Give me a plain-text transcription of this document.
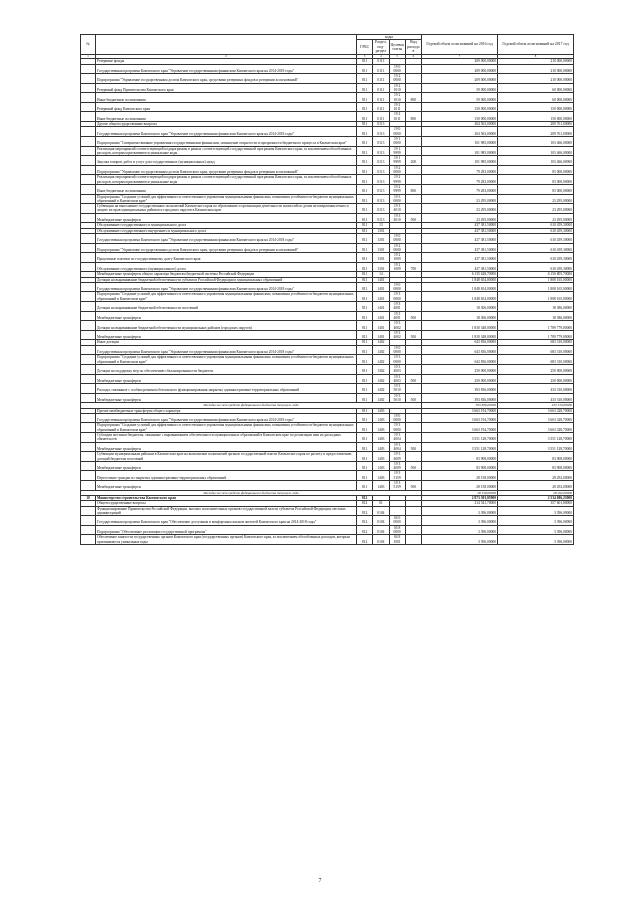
№		коды				Годовой объем ассигнований на 2016 год	Годовой объем ассигнований на 2017 год
		ГРБС	Раздел, под-раздел	Целевая статья	Вид расходов		
1	2	3	4	5	6	7	8
	Резервные фонды	811	0111			209 000,00000	210 000,00000
	Государственная программа Камчатского края "Управление государственными финансами Камчатского края на 2014-2018 годы"	811	0111	19 0 0000		209 000,00000	210 000,00000
	Подпрограмма "Управление государственным долгом Камчатского края, средствами резервных фондов и резервами ассигнований"	811	0111	19 2 0000		209 000,00000	210 000,00000
	Резервный фонд Правительства Камчатского края	811	0111	19 2 1010		59 000,00000	60 000,00000
	Иные бюджетные ассигнования	811	0111	19 2 1010	800	59 000,00000	60 000,00000
	Резервный фонд Камчатского края	811	0111	19 2 1011		150 000,00000	150 000,00000
	Иные бюджетные ассигнования	811	0111	19 2 1011	800	150 000,00000	150 000,00000
	Другие общегосударственные вопросы	811	0113			204 563,00000	209 761,00000
	Государственная программа Камчатского края "Управление государственными финансами Камчатского края на 2014-2018 годы"	811	0113	19 0 0000		204 563,00000	209 761,00000
	Подпрограмма "Совершенствование управления государственными финансами, повышение открытости и прозрачности бюджетного процесса в Камчатском крае"	811	0113	19 1 0000		101 985,00000	103 466,00000
	Реализация мероприятий соответствующей подпрограммы в рамках соответствующей государственной программы Камчатского края, за исключением обособленных расходов, которым присваиваются уникальные коды	811	0113	19 1 9999		101 985,00000	103 466,00000
	Закупка товаров, работ и услуг для государственных (муниципальных) нужд	811	0113	19 1 9999	200	101 985,00000	103 466,00000
	Подпрограмма "Управление государственным долгом Камчатского края, средствами резервных фондов и резервами ассигнований"	811	0113	19 2 0000		79 283,00000	83 000,00000
	Реализация мероприятий соответствующей подпрограммы в рамках соответствующей государственной программы Камчатского края, за исключением обособленных расходов, которым присваиваются уникальные коды	811	0113	19 2 9999		79 283,00000	83 000,00000
	Иные бюджетные ассигнования	811	0113	19 2 9999	800	79 283,00000	83 000,00000
	Подпрограмма "Создание условий для эффективного и ответственного управления муниципальными финансами, повышения устойчивости бюджетов муниципальных образований в Камчатском крае"	811	0113	19 3 0000		23 295,00000	23 295,00000
	Субвенции на выполнение государственных полномочий Камчатского края по образованию и организации деятельности комиссий по делам несовершеннолетних и защите их прав муниципальных районов и городских округов в Камчатском крае	811	0113	19 3 4010		23 295,00000	23 295,00000
	Межбюджетные трансферты	811	0113	19 3 4010	500	23 295,00000	23 295,00000
	Обслуживание государственного и муниципального долга	811	13			437 381,50000	610 459,30000
	Обслуживание государственного внутреннего и муниципального долга	811	1301			437 381,50000	610 459,30000
	Государственная программа Камчатского края "Управление государственными финансами Камчатского края на 2014-2018 годы"	811	1301	19 0 0000		437 381,50000	610 459,30000
	Подпрограмма "Управление государственным долгом Камчатского края, средствами резервных фондов и резервами ассигнований"	811	1301	19 2 0000		437 381,50000	610 459,30000
	Процентные платежи по государственному долгу Камчатского края	811	1301	19 2 1009		437 381,50000	610 459,30000
	Обслуживание государственного (муниципального) долга	811	1301	19 2 1009	700	437 381,50000	610 459,30000
	Межбюджетные трансферты общего характера бюджетам бюджетной системы Российской Федерации	811	14			6 135 628,70000	6 156 805,70000
	Дотации на выравнивание бюджетной обеспеченности субъектов Российской Федерации и муниципальных образований	811	1401			1 848 654,00000	1 808 165,00000
	Государственная программа Камчатского края "Управление государственными финансами Камчатского края на 2014-2018 годы"	811	1401	19 0 0000		1 848 654,00000	1 808 165,00000
	Подпрограмма "Создание условий для эффективного и ответственного управления муниципальными финансами, повышения устойчивости бюджетов муниципальных образований в Камчатском крае"	811	1401	19 3 0000		1 848 654,00000	1 808 165,00000
	Дотации на выравнивание бюджетной обеспеченности поселений	811	1401	19 3 4001		18 306,00000	18 386,00000
	Межбюджетные трансферты	811	1401	19 3 4001	500	18 306,00000	18 386,00000
	Дотации на выравнивание бюджетной обеспеченности муниципальных районов (городских округов)	811	1401	19 3 4002		1 830 348,00000	1 789 779,00000
	Межбюджетные трансферты	811	1401	19 3 4002	500	1 830 348,00000	1 789 779,00000
	Иные дотации	811	1402			643 836,00000	683 310,00000
	Государственная программа Камчатского края "Управление государственными финансами Камчатского края на 2014-2018 годы"	811	1402	19 0 0000		643 836,00000	683 310,00000
	Подпрограмма "Создание условий для эффективного и ответственного управления муниципальными финансами, повышения устойчивости бюджетов муниципальных образований в Камчатском крае"	811	1402	19 3 0000		643 836,00000	683 310,00000
	Дотации на поддержку мер по обеспечению сбалансированности бюджетов	811	1402	19 3 4003		250 000,00000	250 000,00000
	Межбюджетные трансферты	811	1402	19 3 4003	500	250 000,00000	250 000,00000
	Расходы, связанные с особым режимом безопасного функционирования закрытых административно-территориальных образований	811	1402	19 3 5010		393 836,00000	433 310,00000
	Межбюджетные трансферты	811	1402	19 3 5010	500	393 836,00000	433 310,00000
Расходы за счет средств федерального бюджета текущего года						393 836,00000	433 310,00000
	Прочие межбюджетные трансферты общего характера	811	1403			3 663 194,70000	3 663 328,70000
	Государственная программа Камчатского края "Управление государственными финансами Камчатского края на 2014-2018 годы"	811	1403	19 0 0000		3 663 194,70000	3 663 328,70000
	Подпрограмма "Создание условий для эффективного и ответственного управления муниципальными финансами, повышения устойчивости бюджетов муниципальных образований в Камчатском крае"	811	1403	19 3 0000		3 663 194,70000	3 663 328,70000
	Субсидии местным бюджетам, связанные с выравниванием обеспеченности муниципальных образований в Камчатском крае по реализации ими их расходных обязательств	811	1403	19 3 4004		3 551 128,70000	3 551 128,70000
	Межбюджетные трансферты	811	1403	19 3 4004	500	3 551 128,70000	3 551 128,70000
	Субвенции муниципальным районам в Камчатском крае на выполнение полномочий органов государственной власти Камчатского края по расчету и предоставлению дотаций бюджетам поселений	811	1403	19 3 4009		83 908,00000	83 908,00000
	Межбюджетные трансферты	811	1403	19 3 4009	500	83 908,00000	83 908,00000
	Переселение граждан из закрытых административно-территориальных образований	811	1403	19 3 5159		28 158,00000	28 292,00000
	Межбюджетные трансферты	811	1403	19 3 5159	500	28 158,00000	28 292,00000
Расходы за счет средств федерального бюджета текущего года						28 158,00000	28 292,00000
10	Министерство строительства Камчатского края	812				2 873 303,05900	2 534 686,23000
	Общегосударственные вопросы	812	01			214 541,70000	357 601,80000
	Функционирование Правительства Российской Федерации, высших исполнительных органов государственной власти субъектов Российской Федерации, местных администраций	812	0104			3 396,00000	3 396,00000
	Государственная программа Камчатского края "Обеспечение доступным и комфортным жильем жителей Камчатского края на 2014-2018 годы"	812	0104	04 0 0000		3 396,00000	3 396,00000
	Подпрограмма "Обеспечение реализации государственной программы"	812	0104	04 8 0000		3 396,00000	3 396,00000
	Обеспечение занятости государственных органов Камчатского края (государственных органов) Камчатского края, за исключением обособленных расходов, которым присваиваются уникальные коды	812	0104	04 8 1001		3 396,00000	3 396,00000
7
